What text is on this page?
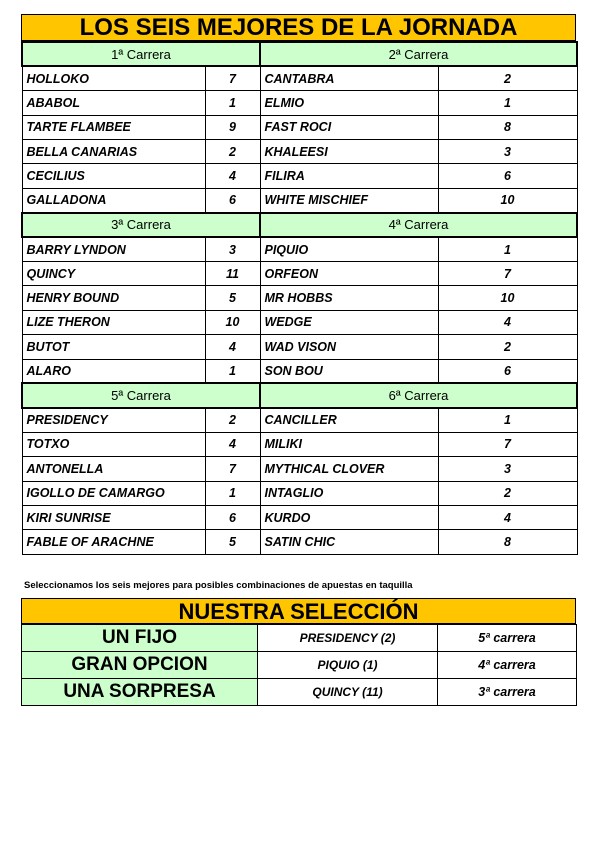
LOS SEIS MEJORES DE LA JORNADA
1ª Carrera		2ª Carrera	
HOLLOKO	7	CANTABRA	2
ABABOL	1	ELMIO	1
TARTE FLAMBEE	9	FAST ROCI	8
BELLA CANARIAS	2	KHALEESI	3
CECILIUS	4	FILIRA	6
GALLADONA	6	WHITE MISCHIEF	10
3ª Carrera		4ª Carrera	
BARRY LYNDON	3	PIQUIO	1
QUINCY	11	ORFEON	7
HENRY BOUND	5	MR HOBBS	10
LIZE THERON	10	WEDGE	4
BUTOT	4	WAD VISON	2
ALARO	1	SON BOU	6
5ª Carrera		6ª Carrera	
PRESIDENCY	2	CANCILLER	1
TOTXO	4	MILIKI	7
ANTONELLA	7	MYTHICAL CLOVER	3
IGOLLO DE CAMARGO	1	INTAGLIO	2
KIRI SUNRISE	6	KURDO	4
FABLE OF ARACHNE	5	SATIN CHIC	8
Seleccionamos los seis mejores para posibles combinaciones de apuestas en taquilla
NUESTRA SELECCIÓN
UN FIJO	PRESIDENCY (2)	5ª carrera
GRAN OPCION	PIQUIO (1)	4ª carrera
UNA SORPRESA	QUINCY (11)	3ª carrera
